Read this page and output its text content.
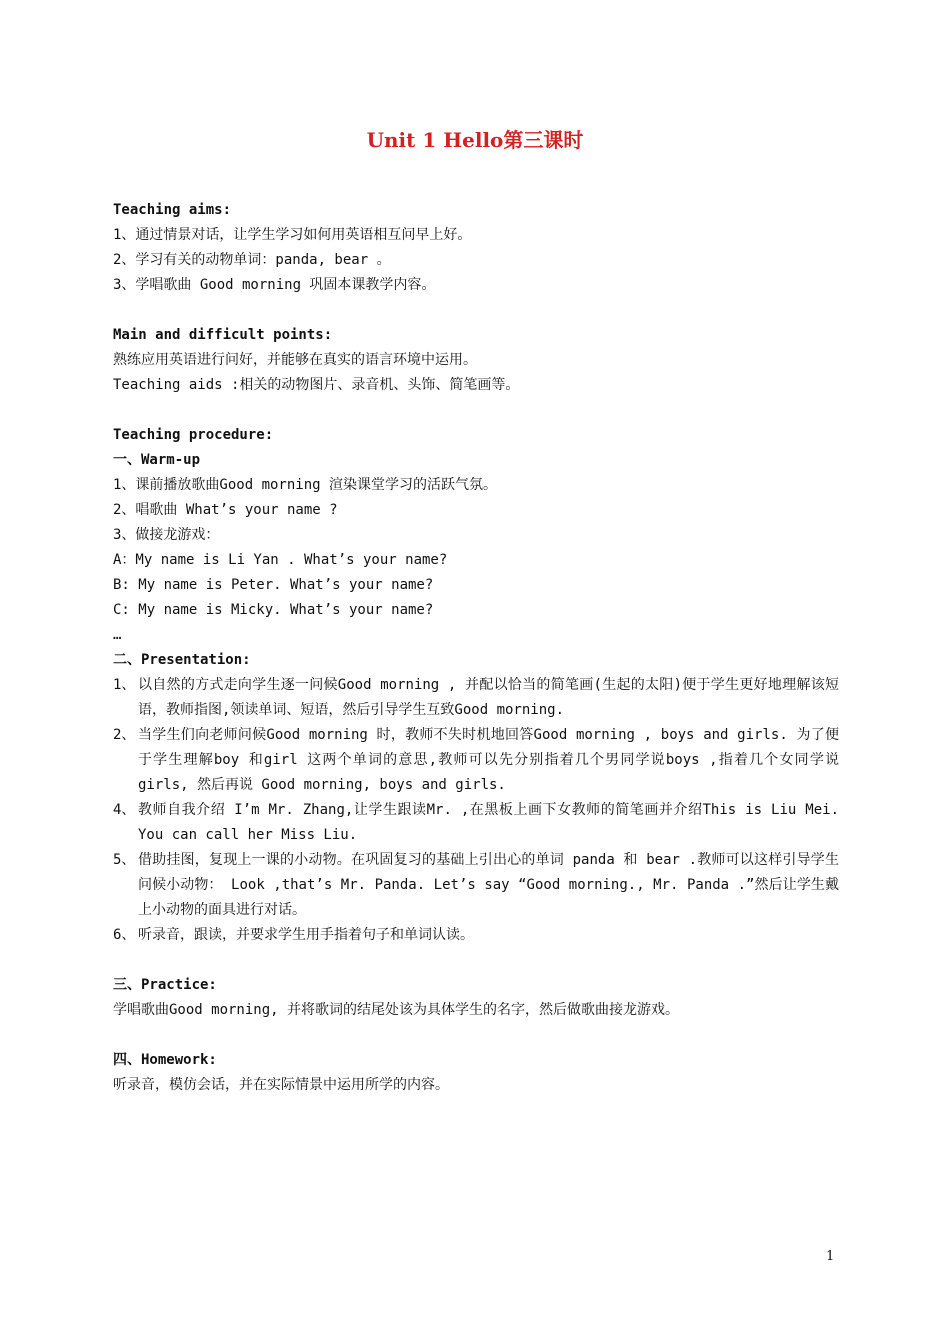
Unit 1 Hello第三课时
Teaching aims:
1、通过情景对话，让学生学习如何用英语相互问早上好。
2、学习有关的动物单词：panda, bear 。
3、学唱歌曲 Good morning 巩固本课教学内容。
Main and difficult points:
熟练应用英语进行问好，并能够在真实的语言环境中运用。
Teaching aids :相关的动物图片、录音机、头饰、简笔画等。
Teaching procedure:
一、Warm-up
1、课前播放歌曲Good morning 渲染课堂学习的活跃气氛。
2、唱歌曲 What’s your name ?
3、做接龙游戏：
A：My name is Li Yan . What’s your name?
B: My name is Peter. What’s your name?
C: My name is Micky. What’s your name?
…
二、Presentation:
1、 以自然的方式走向学生逐一问候Good morning , 并配以恰当的简笔画(生起的太阳)便于学生更好地理解该短语，教师指图,领读单词、短语，然后引导学生互致Good morning.
2、 当学生们向老师问候Good morning 时，教师不失时机地回答Good morning , boys and girls. 为了便于学生理解boy 和girl 这两个单词的意思,教师可以先分别指着几个男同学说boys ,指着几个女同学说girls, 然后再说 Good morning, boys and girls.
4、 教师自我介绍 I’m Mr. Zhang,让学生跟读Mr. ,在黑板上画下女教师的简笔画并介绍This is Liu Mei. You can call her Miss Liu.
5、 借助挂图，复现上一课的小动物。在巩固复习的基础上引出心的单词 panda 和 bear .教师可以这样引导学生问候小动物： Look ,that’s Mr. Panda. Let’s say “Good morning., Mr. Panda .”然后让学生戴上小动物的面具进行对话。
6、 听录音，跟读，并要求学生用手指着句子和单词认读。
三、Practice:
学唱歌曲Good morning, 并将歌词的结尾处该为具体学生的名字，然后做歌曲接龙游戏。
四、Homework:
听录音，模仿会话，并在实际情景中运用所学的内容。
1
